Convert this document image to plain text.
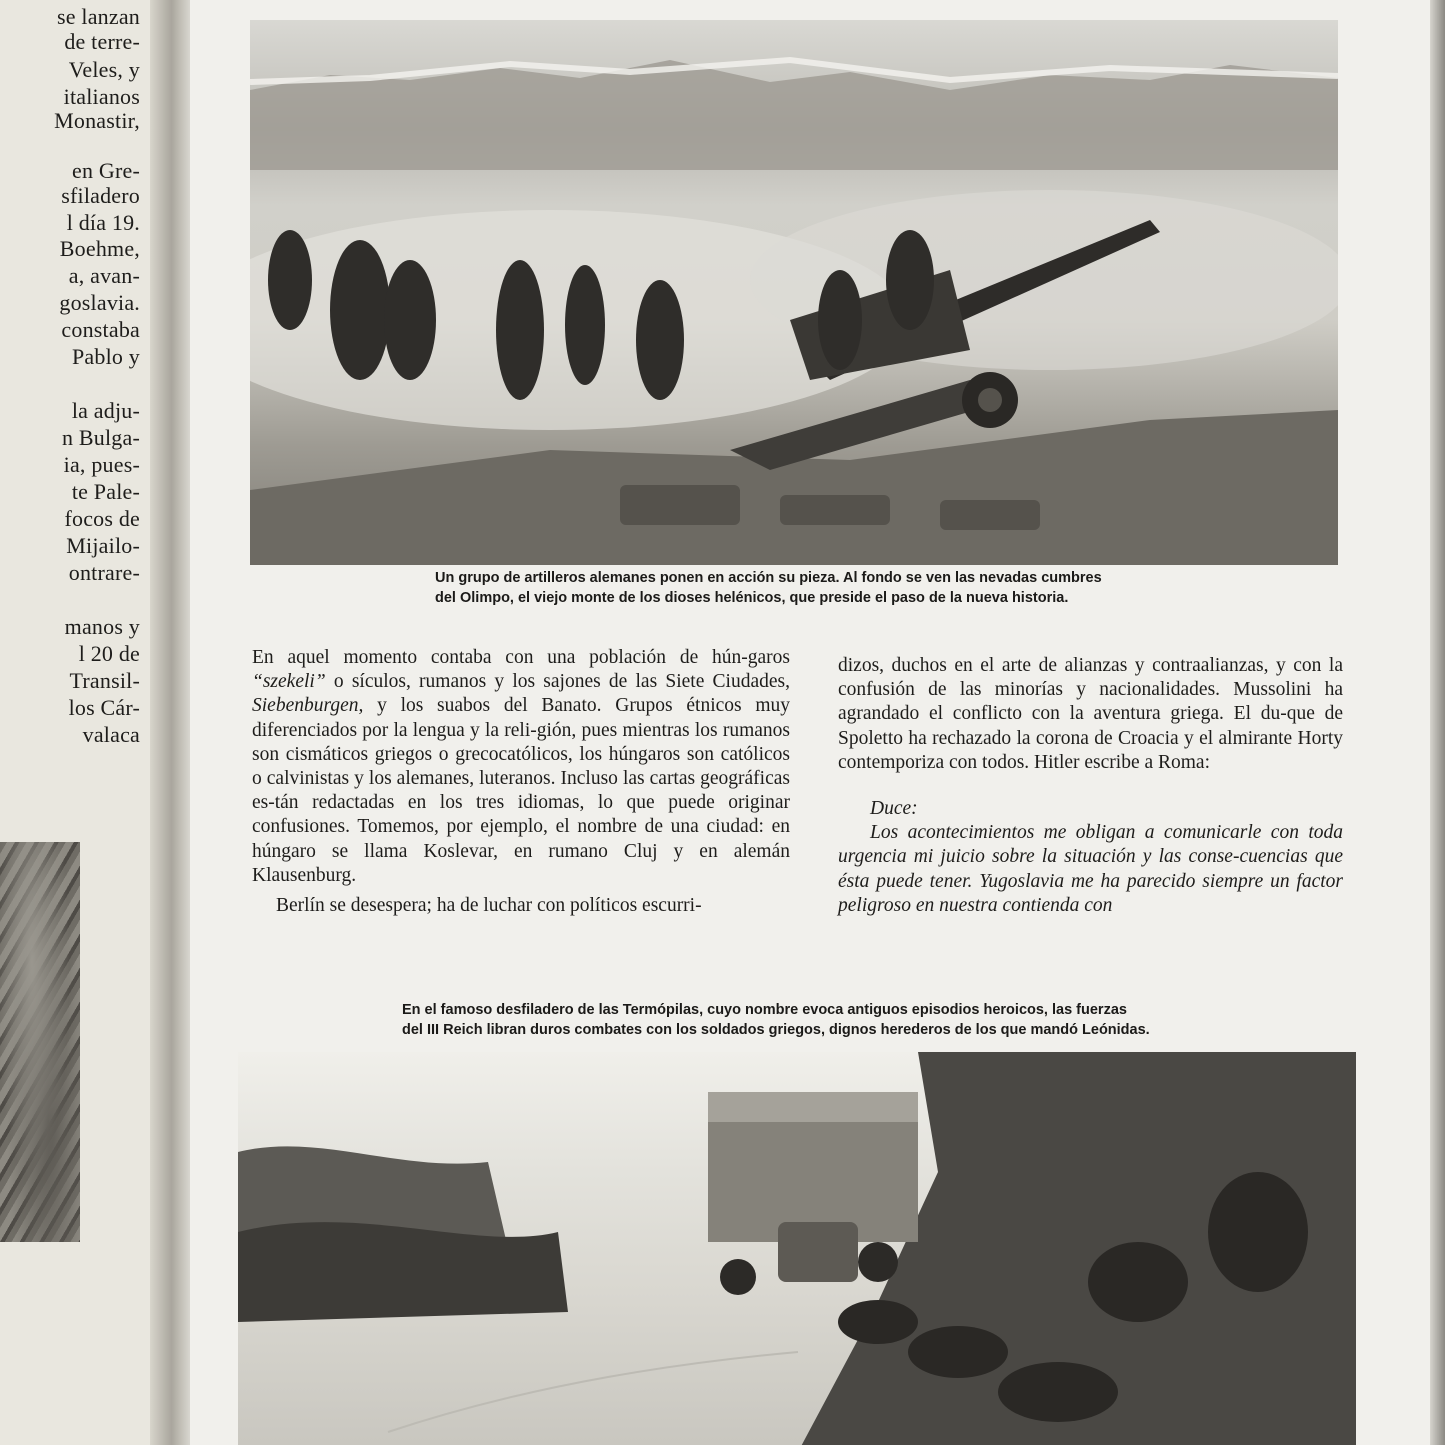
se lanzan
de terre-
Veles, y
italianos
Monastir,
en Gre-
sfiladero
l día 19.
Boehme,
a, avan-
goslavia.
constaba
Pablo y
la adju-
n Bulga-
ia, pues-
te Pale-
focos de
Mijailo-
ontrare-
manos y
l 20 de
Transil-
los Cár-
valaca
Un grupo de artilleros alemanes ponen en acción su pieza. Al fondo se ven las nevadas cumbres
del Olimpo, el viejo monte de los dioses helénicos, que preside el paso de la nueva historia.

En aquel momento contaba con una población de hún-garos “szekeli” o sículos, rumanos y los sajones de las Siete Ciudades, Siebenburgen, y los suabos del Banato. Grupos étnicos muy diferenciados por la lengua y la reli-gión, pues mientras los rumanos son cismáticos griegos o grecocatólicos, los húngaros son católicos o calvinistas y los alemanes, luteranos. Incluso las cartas geográficas es-tán redactadas en los tres idiomas, lo que puede originar confusiones. Tomemos, por ejemplo, el nombre de una ciudad: en húngaro se llama Koslevar, en rumano Cluj y en alemán Klausenburg.

Berlín se desespera; ha de luchar con políticos escurri-

dizos, duchos en el arte de alianzas y contraalianzas, y con la confusión de las minorías y nacionalidades. Mussolini ha agrandado el conflicto con la aventura griega. El du-que de Spoletto ha rechazado la corona de Croacia y el almirante Horty contemporiza con todos. Hitler escribe a Roma:

Duce:

Los acontecimientos me obligan a comunicarle con toda urgencia mi juicio sobre la situación y las conse-cuencias que ésta puede tener. Yugoslavia me ha parecido siempre un factor peligroso en nuestra contienda con

En el famoso desfiladero de las Termópilas, cuyo nombre evoca antiguos episodios heroicos, las fuerzas
del III Reich libran duros combates con los soldados griegos, dignos herederos de los que mandó Leónidas.
